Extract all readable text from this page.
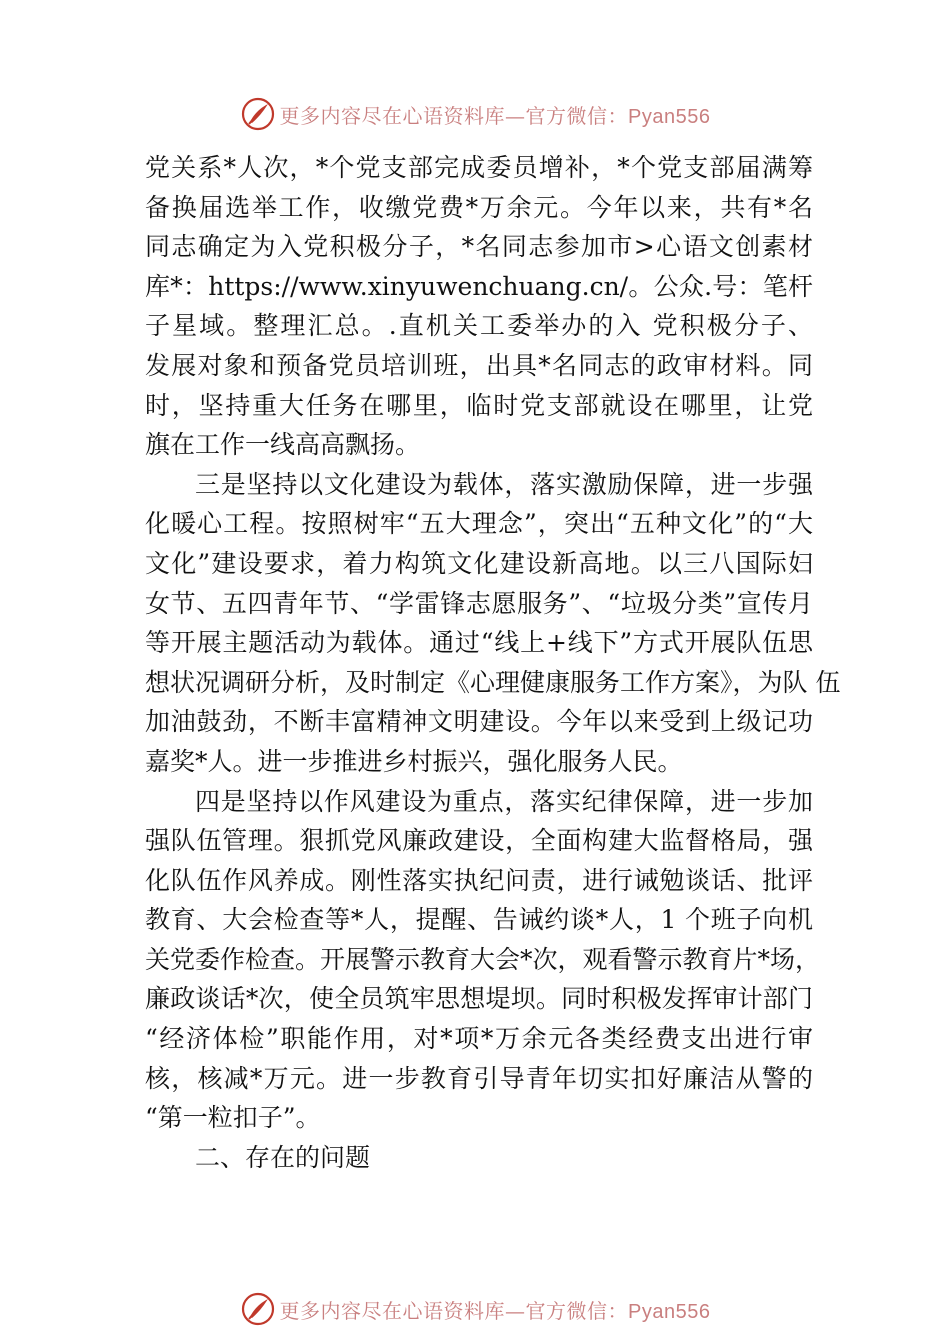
更多内容尽在心语资料库—官方微信：Pyan556
党关系*人次，*个党支部完成委员增补，*个党支部届满筹
备换届选举工作，收缴党费*万余元。今年以来，共有*名
同志确定为入党积极分子，*名同志参加市>心语文创素材
库*：https://www.xinyuwenchuang.cn/。公众.号：笔杆
子星域。整理汇总。.直机关工委举办的入 党积极分子、
发展对象和预备党员培训班，出具*名同志的政审材料。同
时，坚持重大任务在哪里，临时党支部就设在哪里，让党
旗在工作一线高高飘扬。
三是坚持以文化建设为载体，落实激励保障，进一步强
化暖心工程。按照树牢“五大理念”，突出“五种文化”的“大
文化”建设要求，着力构筑文化建设新高地。以三八国际妇
女节、五四青年节、“学雷锋志愿服务”、“垃圾分类”宣传月
等开展主题活动为载体。通过“线上+线下”方式开展队伍思
想状况调研分析，及时制定《心理健康服务工作方案》，为队 伍
加油鼓劲，不断丰富精神文明建设。今年以来受到上级记功
嘉奖*人。进一步推进乡村振兴，强化服务人民。
四是坚持以作风建设为重点，落实纪律保障，进一步加
强队伍管理。狠抓党风廉政建设，全面构建大监督格局，强
化队伍作风养成。刚性落实执纪问责，进行诫勉谈话、批评
教育、大会检查等*人，提醒、告诫约谈*人，1 个班子向机
关党委作检查。开展警示教育大会*次，观看警示教育片*场，
廉政谈话*次，使全员筑牢思想堤坝。同时积极发挥审计部门
“经济体检”职能作用，对*项*万余元各类经费支出进行审
核，核减*万元。进一步教育引导青年切实扣好廉洁从警的
“第一粒扣子”。
二、存在的问题
更多内容尽在心语资料库—官方微信：Pyan556
